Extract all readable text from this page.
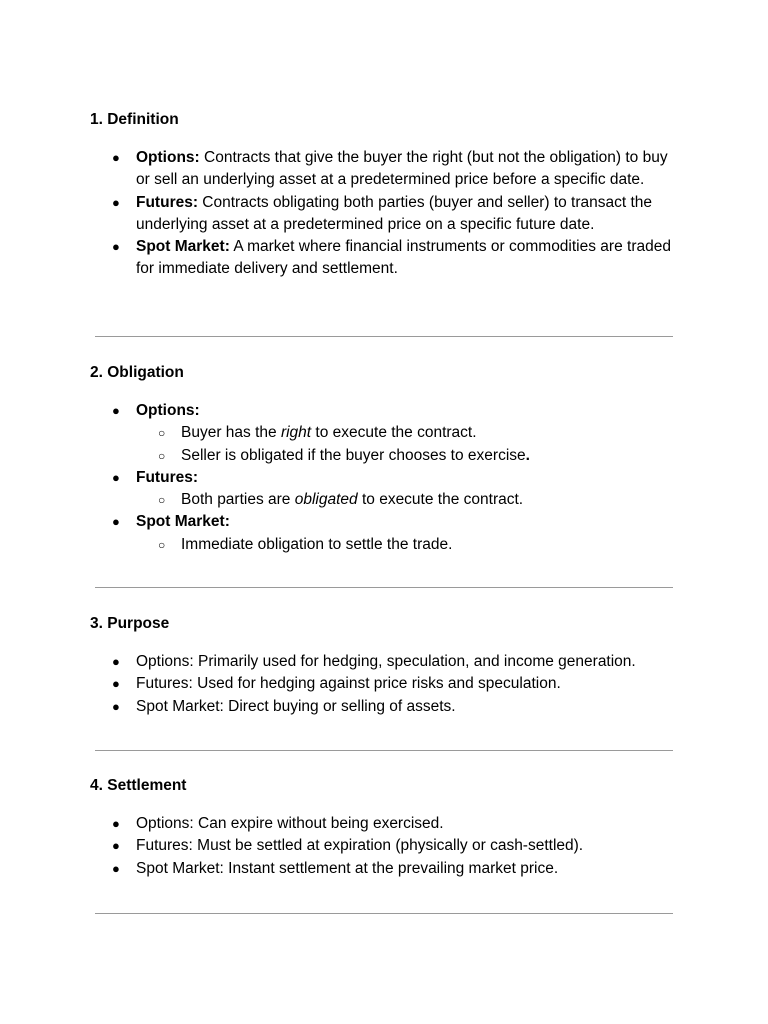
1. Definition

● Options: Contracts that give the buyer the right (but not the obligation) to buy or sell an underlying asset at a predetermined price before a specific date.
● Futures: Contracts obligating both parties (buyer and seller) to transact the underlying asset at a predetermined price on a specific future date.
● Spot Market: A market where financial instruments or commodities are traded for immediate delivery and settlement.

2. Obligation

● Options:
○ Buyer has the right to execute the contract.
○ Seller is obligated if the buyer chooses to exercise.
● Futures:
○ Both parties are obligated to execute the contract.
● Spot Market:
○ Immediate obligation to settle the trade.

3. Purpose

● Options: Primarily used for hedging, speculation, and income generation.
● Futures: Used for hedging against price risks and speculation.
● Spot Market: Direct buying or selling of assets.

4. Settlement

● Options: Can expire without being exercised.
● Futures: Must be settled at expiration (physically or cash-settled).
● Spot Market: Instant settlement at the prevailing market price.
